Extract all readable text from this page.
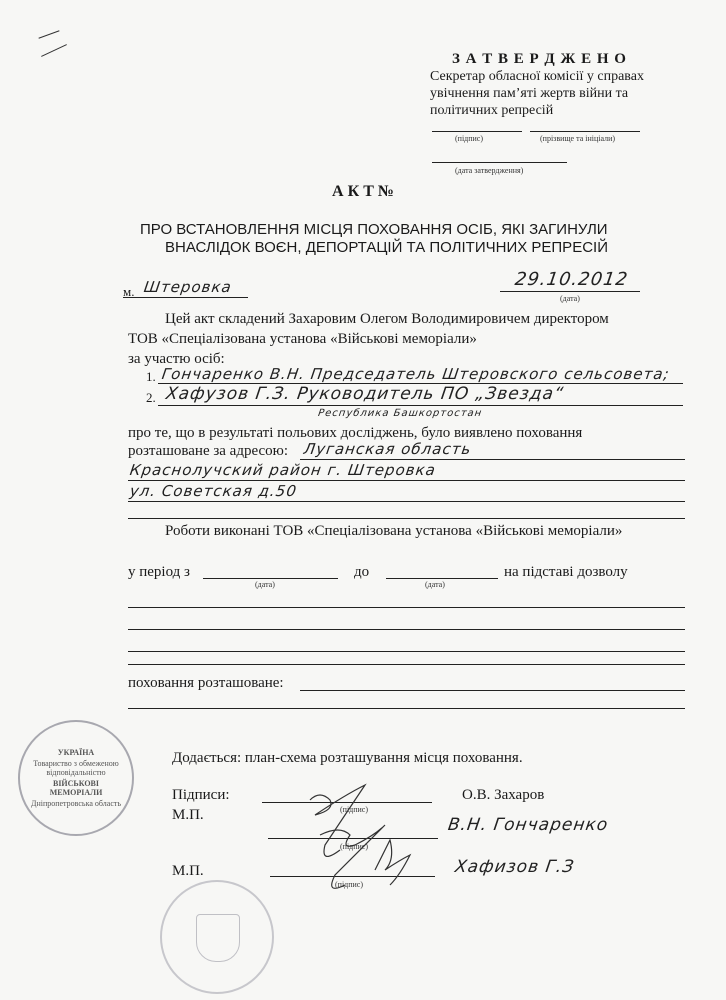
З А Т В Е Р Д Ж Е Н О
Секретар обласної комісії у справах
увічнення пам’яті жертв війни та
політичних репресій
(підпис)	(прізвище та ініціали)
(дата затвердження)
А К Т №
ПРО ВСТАНОВЛЕННЯ МІСЦЯ ПОХОВАННЯ ОСІБ, ЯКІ ЗАГИНУЛИ
ВНАСЛІДОК ВОЄН, ДЕПОРТАЦІЙ ТА ПОЛІТИЧНИХ РЕПРЕСІЙ
м. Штеровка	29.10.2012
(дата)
Цей акт складений Захаровим Олегом Володимировичем директором
ТОВ «Спеціалізована установа «Військові меморіали»
за участю осіб:
1. Гончаренко В.Н. Председатель Штеровского сельсовета;
2. Хафузов Г.З. Руководитель ПО „Звезда“
Республика Башкортостан
про те, що в результаті польових досліджень, було виявлено поховання
розташоване за адресою: Луганская область
Краснолучский район г. Штеровка
ул. Советская д.50
Роботи виконані ТОВ «Спеціалізована установа «Військові меморіали»
у період з
(дата)
до
(дата)
на підставі дозволу
поховання розташоване:
УКРАЇНА
Товариство з обмеженою відповідальністю
ВІЙСЬКОВІ МЕМОРІАЛИ
Дніпропетровська область
Додається: план-схема розташування місця поховання.
Підписи:
М.П.	(підпис)
О.В. Захаров
(підпис)
В.Н. Гончаренко
М.П.
(підпис)
Хафизов Г.З
